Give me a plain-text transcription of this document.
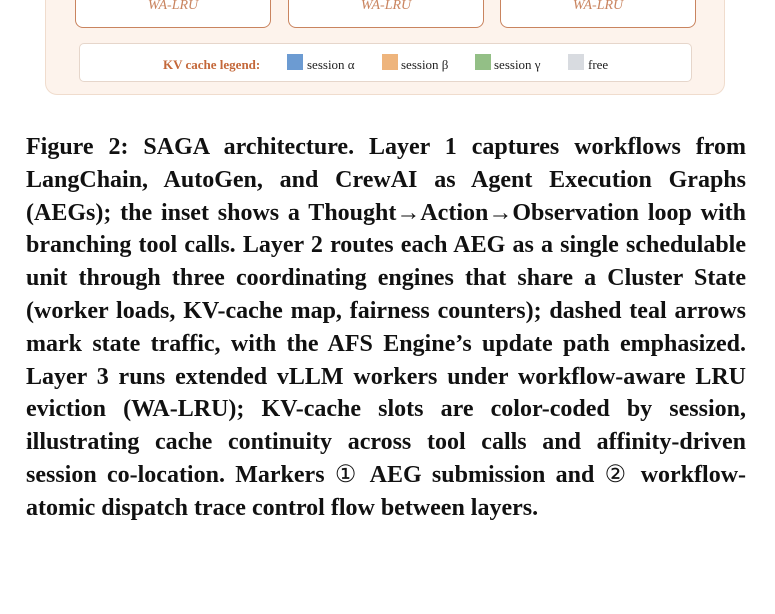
WA-LRU	WA-LRU	WA-LRU
KV cache legend:	session α	session β	session γ	free

Figure 2: SAGA architecture. Layer 1 captures workflows from LangChain, AutoGen, and CrewAI as Agent Execution Graphs (AEGs); the inset shows a Thought→Action→Observation loop with branching tool calls. Layer 2 routes each AEG as a single schedulable unit through three coordinating engines that share a Cluster State (worker loads, KV-cache map, fairness counters); dashed teal arrows mark state traffic, with the AFS Engine’s update path emphasized. Layer 3 runs extended vLLM workers under workflow-aware LRU eviction (WA-LRU); KV-cache slots are color-coded by session, illustrating cache continuity across tool calls and affinity-driven session co-location. Markers ① AEG submission and ② workflow-atomic dispatch trace control flow between layers.
